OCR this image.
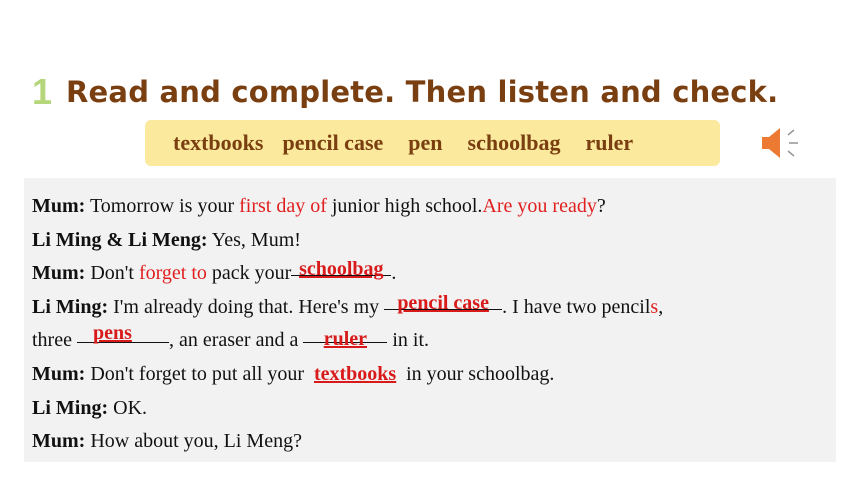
1 Read and complete. Then listen and check.
textbooks pencil case pen schoolbag ruler
Mum: Tomorrow is your first day of junior high school.Are you ready?
Li Ming & Li Meng: Yes, Mum!
Mum: Don't forget to pack your schoolbag .
Li Ming: I'm already doing that. Here's my pencil case . I have two pencils,
three pens	, an eraser and a	ruler	in it.
Mum: Don't forget to put all your textbooks in your schoolbag.
Li Ming: OK.
Mum: How about you, Li Meng?
